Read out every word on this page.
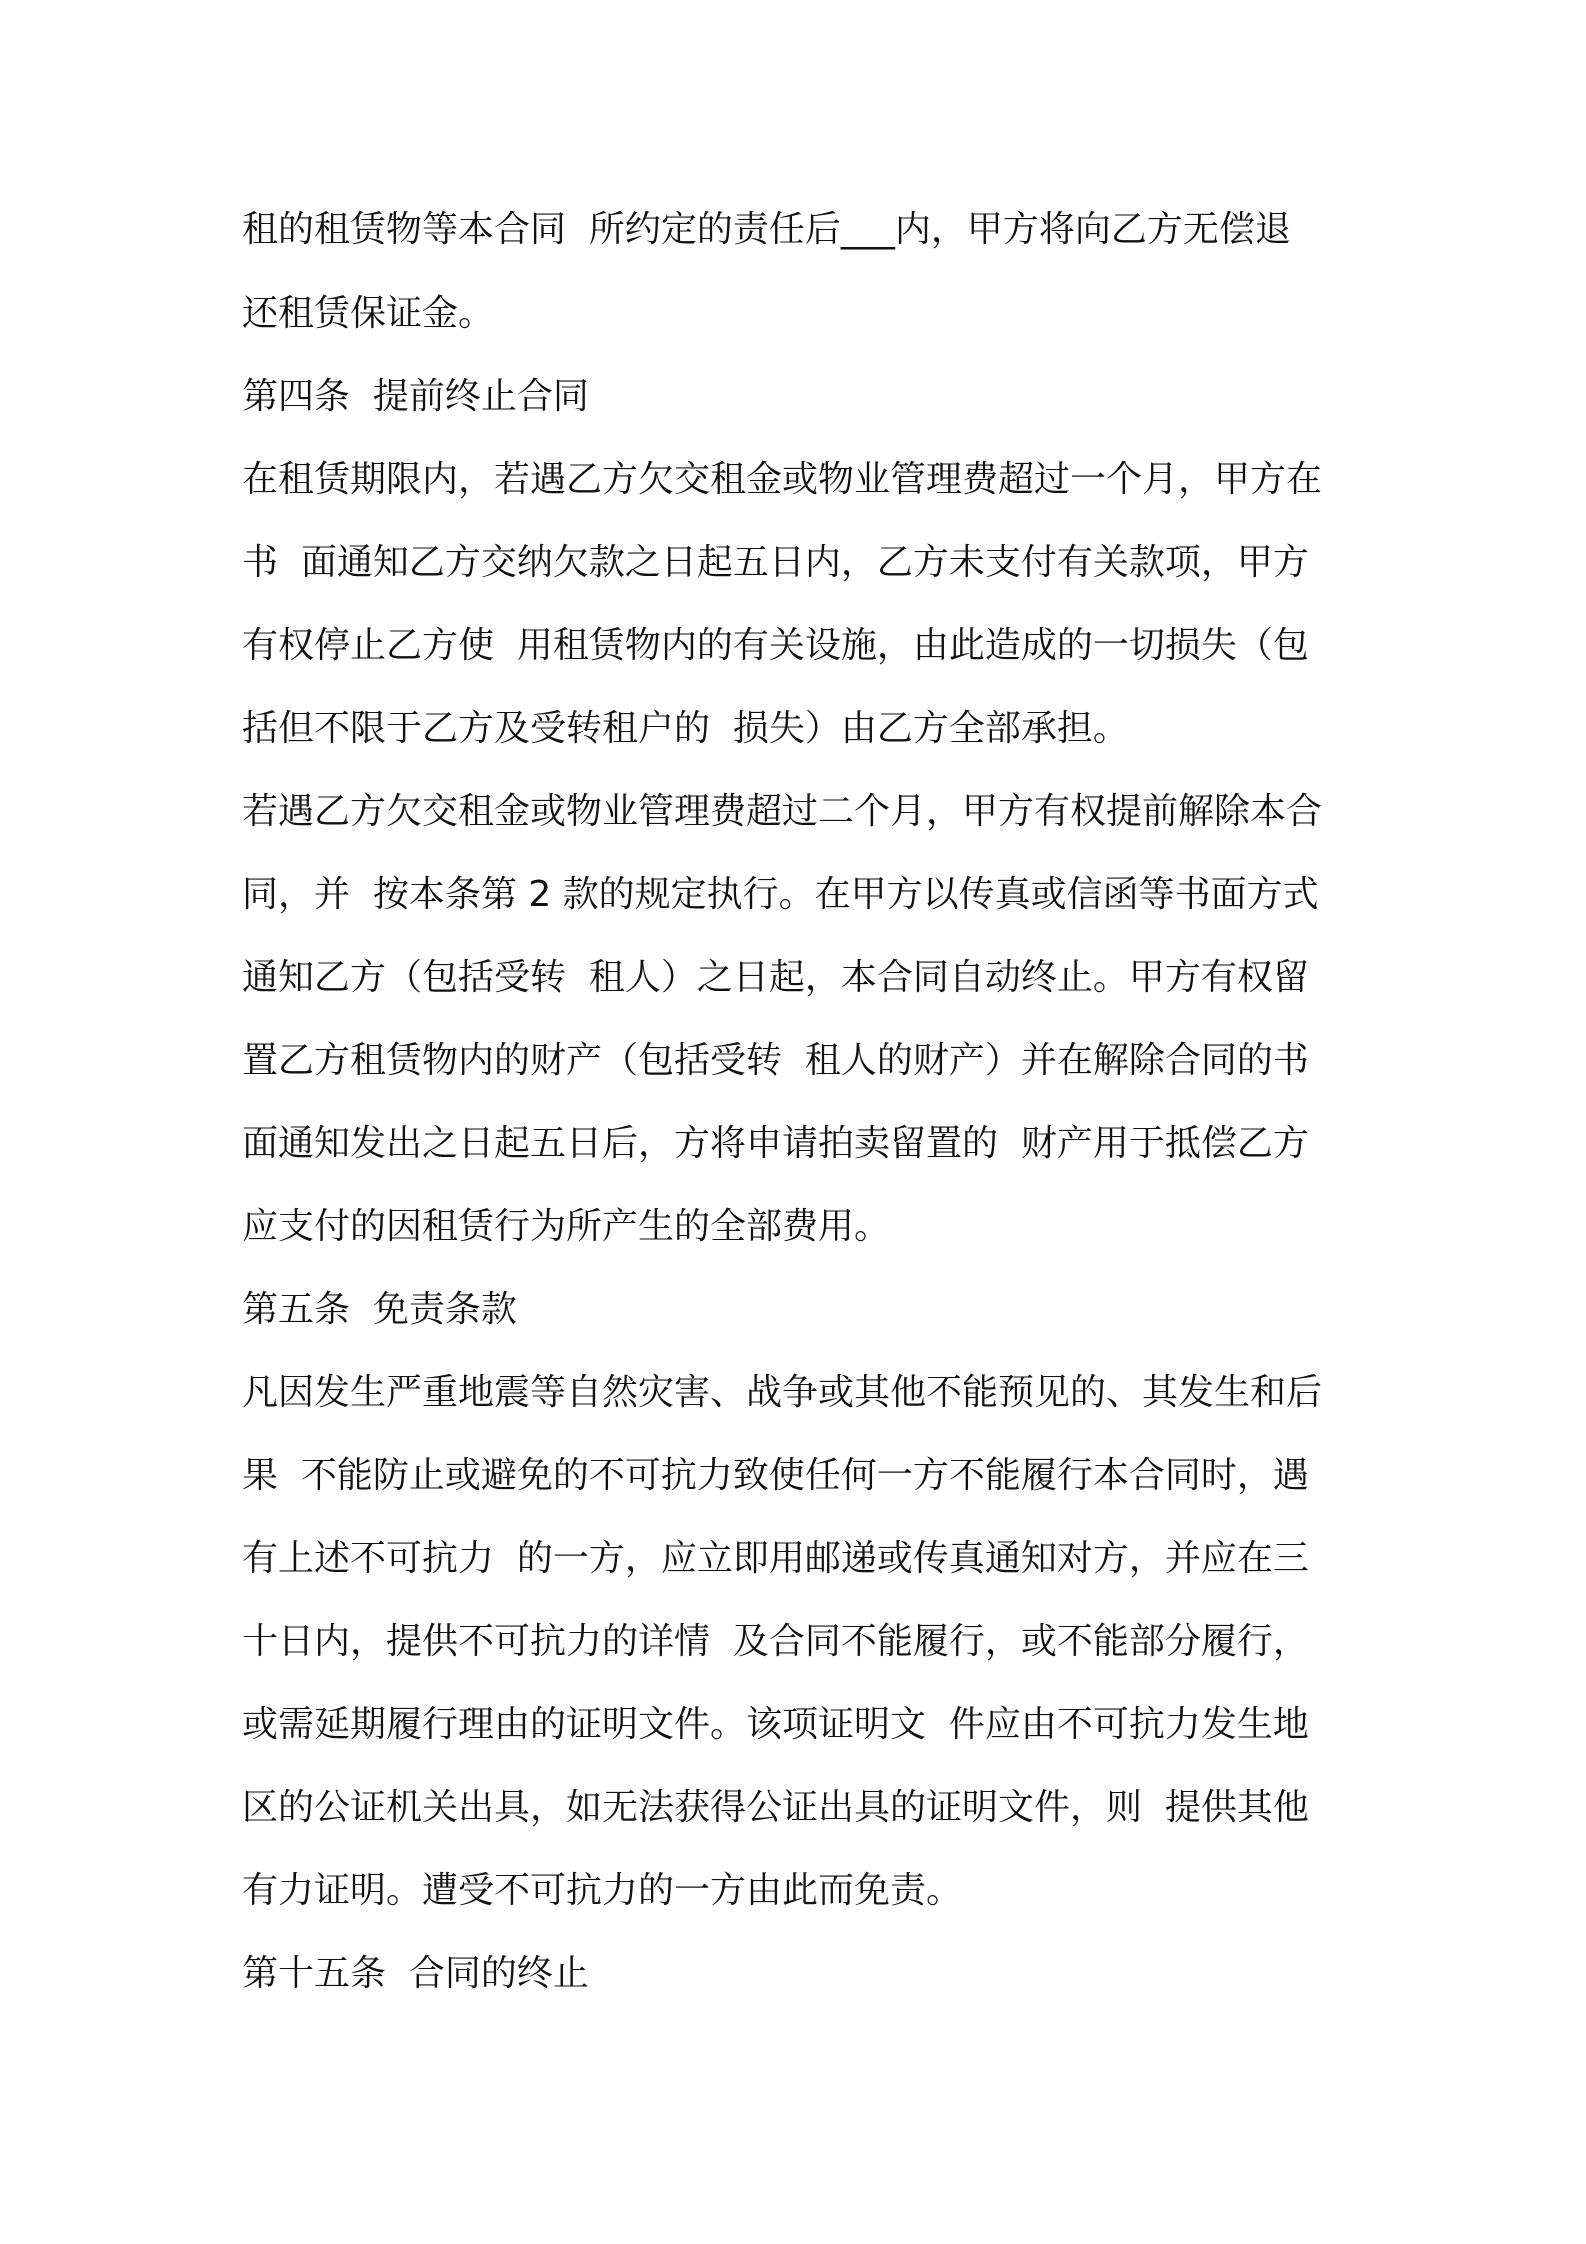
租的租赁物等本合同  所约定的责任后___内，甲方将向乙方无偿退
还租赁保证金。
第四条  提前终止合同
在租赁期限内，若遇乙方欠交租金或物业管理费超过一个月，甲方在
书  面通知乙方交纳欠款之日起五日内，乙方未支付有关款项，甲方
有权停止乙方使  用租赁物内的有关设施，由此造成的一切损失（包
括但不限于乙方及受转租户的  损失）由乙方全部承担。
若遇乙方欠交租金或物业管理费超过二个月，甲方有权提前解除本合
同，并  按本条第 2 款的规定执行。在甲方以传真或信函等书面方式
通知乙方（包括受转  租人）之日起，本合同自动终止。甲方有权留
置乙方租赁物内的财产（包括受转  租人的财产）并在解除合同的书
面通知发出之日起五日后，方将申请拍卖留置的  财产用于抵偿乙方
应支付的因租赁行为所产生的全部费用。
第五条  免责条款
凡因发生严重地震等自然灾害、战争或其他不能预见的、其发生和后
果  不能防止或避免的不可抗力致使任何一方不能履行本合同时，遇
有上述不可抗力  的一方，应立即用邮递或传真通知对方，并应在三
十日内，提供不可抗力的详情  及合同不能履行，或不能部分履行，
或需延期履行理由的证明文件。该项证明文  件应由不可抗力发生地
区的公证机关出具，如无法获得公证出具的证明文件，则  提供其他
有力证明。遭受不可抗力的一方由此而免责。
第十五条  合同的终止
